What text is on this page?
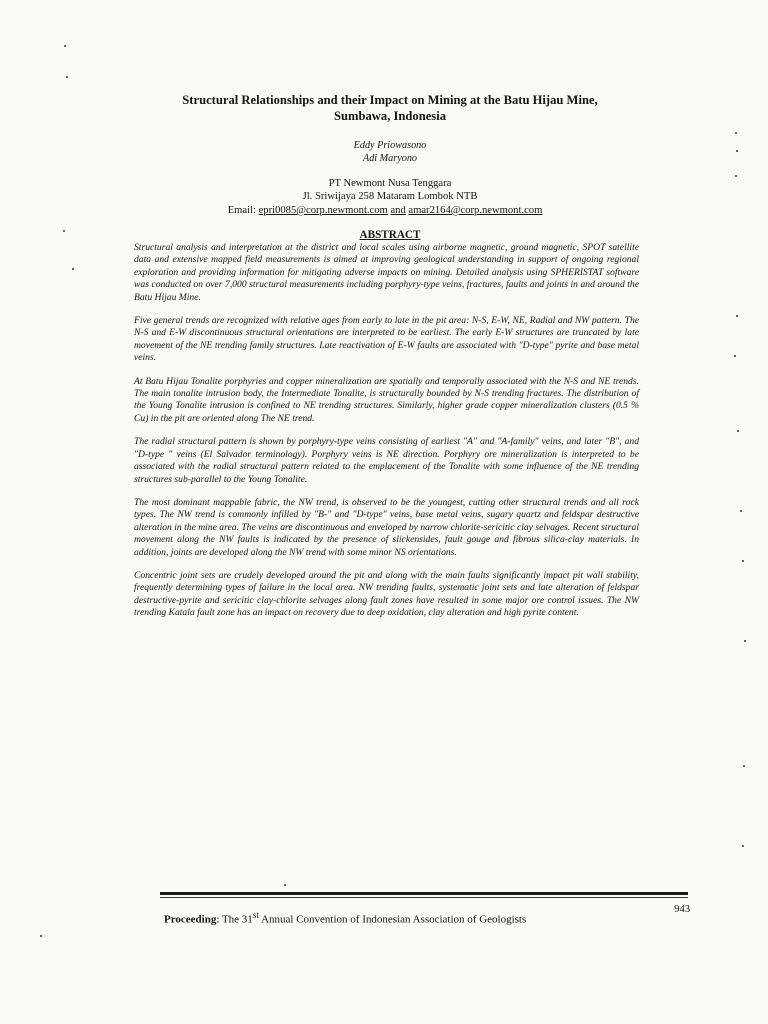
Structural Relationships and their Impact on Mining at the Batu Hijau Mine,
Sumbawa, Indonesia
Eddy Priowasono
Adi Maryono
PT Newmont Nusa Tenggara
Jl. Sriwijaya 258 Mataram Lombok NTB
Email: epri0085@corp.newmont.com and amar2164@corp.newmont.com
ABSTRACT

Structural analysis and interpretation at the district and local scales using airborne magnetic, ground magnetic, SPOT satellite data and extensive mapped field measurements is aimed at improving geological understanding in support of ongoing regional exploration and providing information for mitigating adverse impacts on mining. Detailed analysis using SPHERISTAT software was conducted on over 7,000 structural measurements including porphyry-type veins, fractures, faults and joints in and around the Batu Hijau Mine.

Five general trends are recognized with relative ages from early to late in the pit area: N-S, E-W, NE, Radial and NW pattern. The N-S and E-W discontinuous structural orientations are interpreted to be earliest. The early E-W structures are truncated by late movement of the NE trending family structures. Late reactivation of E-W faults are associated with "D-type" pyrite and base metal veins.

At Batu Hijau Tonalite porphyries and copper mineralization are spatially and temporally associated with the N-S and NE trends. The main tonalite intrusion body, the Intermediate Tonalite, is structurally bounded by N-S trending fractures. The distribution of the Young Tonalite intrusion is confined to NE trending structures. Similarly, higher grade copper mineralization clusters (0.5 % Cu) in the pit are oriented along The NE trend.

The radial structural pattern is shown by porphyry-type veins consisting of earliest "A" and "A-family" veins, and later "B", and "D-type " veins (El Salvador terminology). Porphyry veins is NE direction. Porphyry ore mineralization is interpreted to be associated with the radial structural pattern related to the emplacement of the Tonalite with some influence of the NE trending structures sub-parallel to the Young Tonalite.

The most dominant mappable fabric, the NW trend, is observed to be the youngest, cutting other structural trends and all rock types. The NW trend is commonly infilled by "B-" and "D-type" veins, base metal veins, sugary quartz and feldspar destructive alteration in the mine area. The veins are discontinuous and enveloped by narrow chlorite-sericitic clay selvages. Recent structural movement along the NW faults is indicated by the presence of slickensides, fault gouge and fibrous silica-clay materials. In addition, joints are developed along the NW trend with some minor NS orientations.

Concentric joint sets are crudely developed around the pit and along with the main faults significantly impact pit wall stability, frequently determining types of failure in the local area. NW trending faults, systematic joint sets and late alteration of feldspar destructive-pyrite and sericitic clay-chlorite selvages along fault zones have resulted in some major ore control issues. The NW trending Katala fault zone has an impact on recovery due to deep oxidation, clay alteration and high pyrite content.

Proceeding: The 31st Annual Convention of Indonesian Association of Geologists
943
